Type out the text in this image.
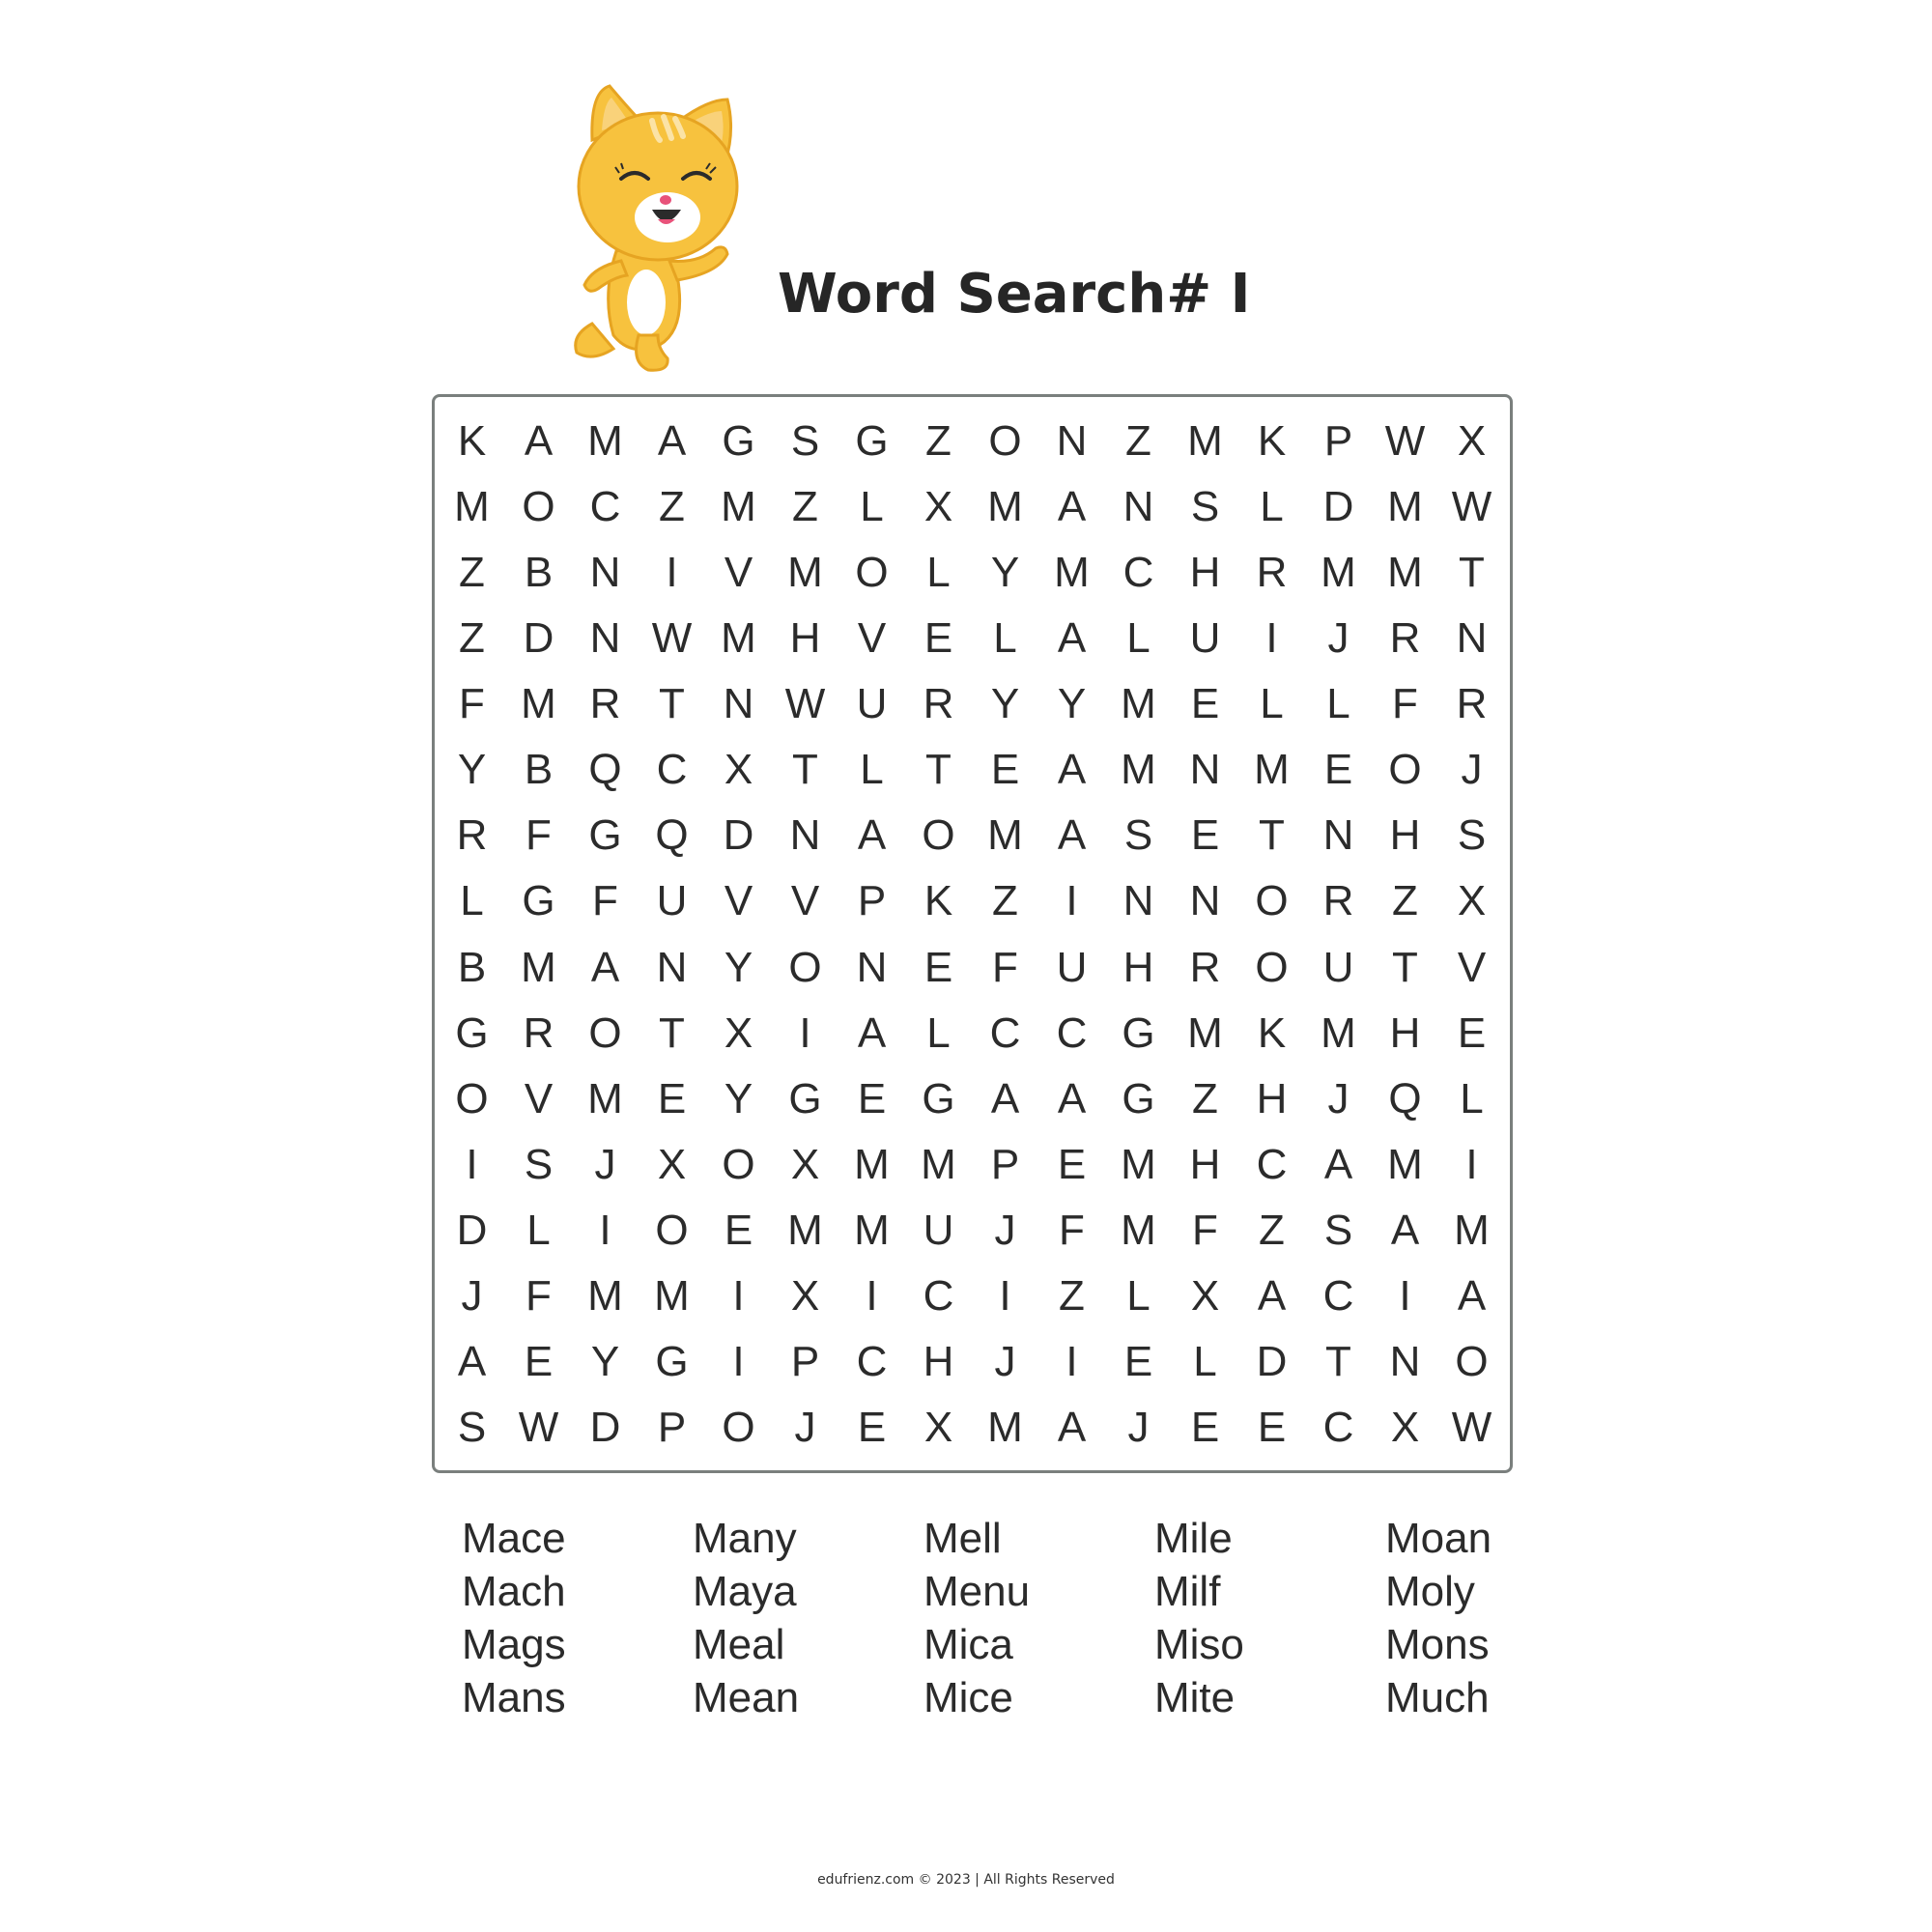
Word Search# I
K A M A G S G Z O N Z M K P W X
M O C Z M Z L X M A N S L D M W
Z B N	I	V M O L Y M C H R M M T
Z D N W M H V E L A L U	I	J R N
F M R T N W U R Y Y M E L	L F R
Y B Q C X T L T E A M N M E O J
R F G Q D N A O M A S E T N H S
L G F U V V P K Z	I	N N O R Z X
B M A N Y O N E F U H R O U T V
G R O T X	I	A L C C G M K M H E
O V M E Y G E G A A G Z H J Q L
I	S J X O X M M P E M H C A M	I
D L	I	O E M M U J	F M F Z S A M
J	F M M	I	X	I	C	I	Z L X A C	I	A
A E Y G	I	P C H J	I	E L D T N O
S W D P O J E X M A J E E C X W
Mace
Mach
Mags
Mans
Many
Maya
Meal
Mean
Mell
Menu
Mica
Mice
Mile
Milf
Miso
Mite
Moan
Moly
Mons
Much
edufrienz.com © 2023 | All Rights Reserved
